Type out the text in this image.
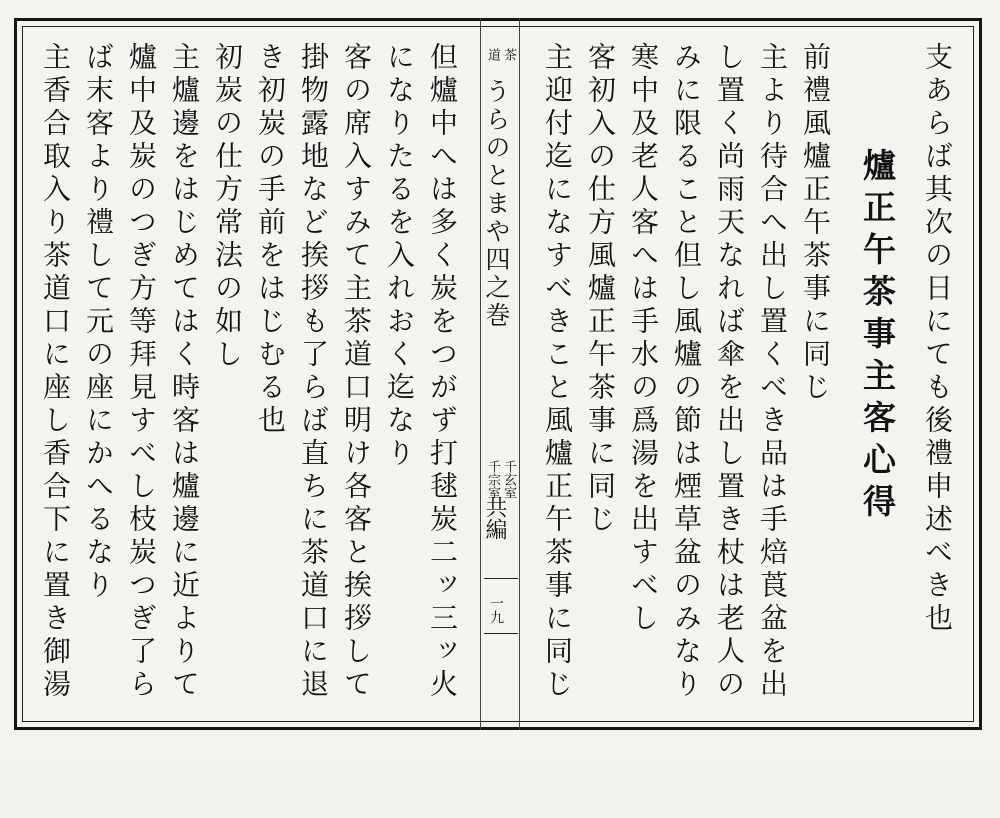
支あらば其次の日にても後禮申述べき也
爐正午茶事主客心得
前禮風爐正午茶事に同じ
主より待合へ出し置くべき品は手焙莨盆を出
し置く尚雨天なれば傘を出し置き杖は老人の
みに限ること但し風爐の節は煙草盆のみなり
寒中及老人客へは手水の爲湯を出すべし
客初入の仕方風爐正午茶事に同じ
主迎付迄になすべきこと風爐正午茶事に同じ
茶
道
うらのとまや四之巻
千玄室
千宗室
共編
一九
但爐中へは多く炭をつがず打毬炭二ッ三ッ火
になりたるを入れおく迄なり
客の席入すみて主茶道口明け各客と挨拶して
掛物露地など挨拶も了らば直ちに茶道口に退
き初炭の手前をはじむる也
初炭の仕方常法の如し
主爐邊をはじめてはく時客は爐邊に近よりて
爐中及炭のつぎ方等拜見すべし枝炭つぎ了ら
ば末客より禮して元の座にかへるなり
主香合取入り茶道口に座し香合下に置き御湯
